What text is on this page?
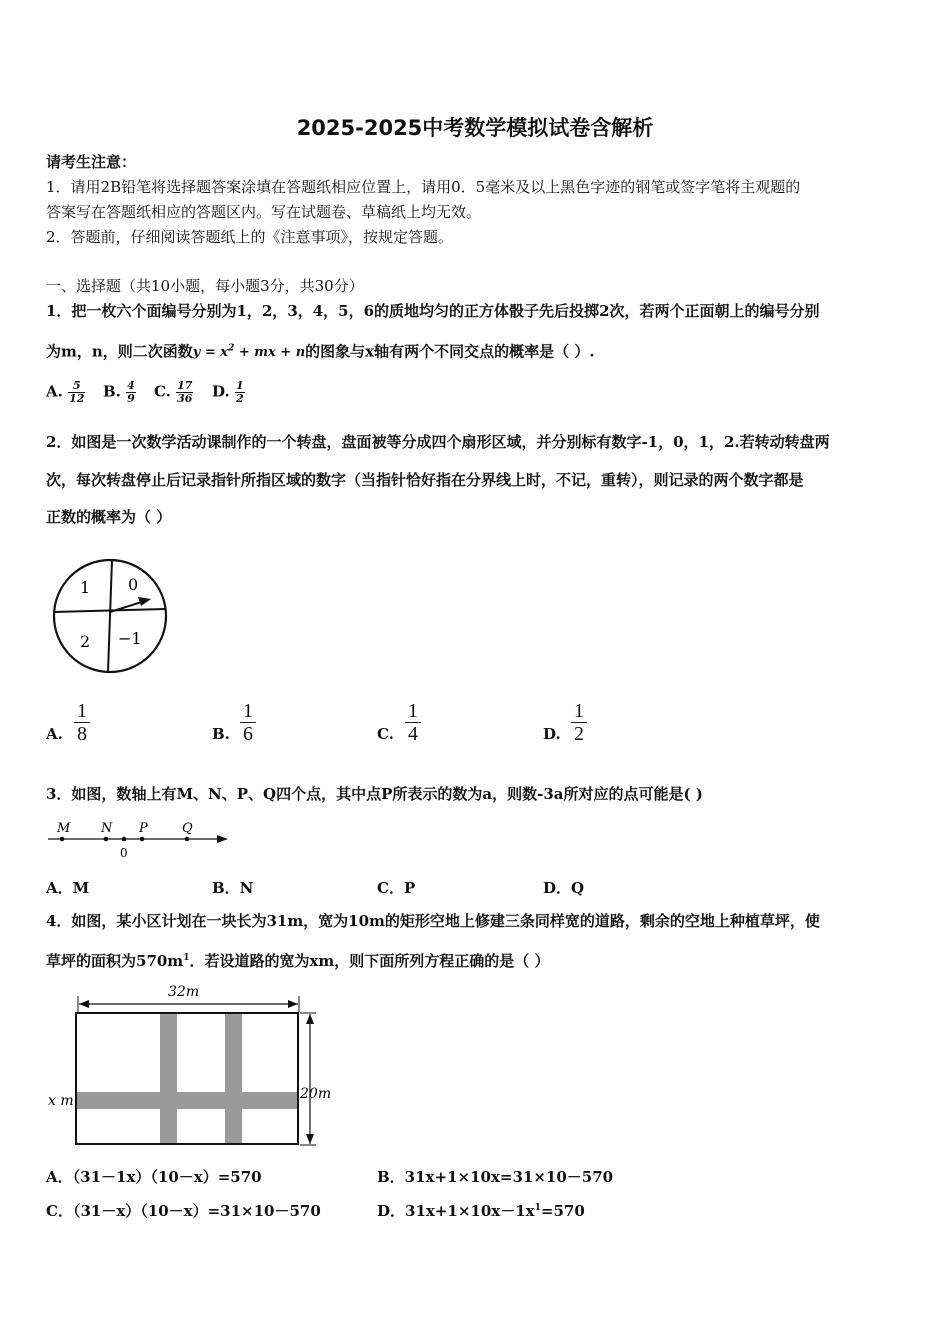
2025-2025中考数学模拟试卷含解析
请考生注意：
1．请用2B铅笔将选择题答案涂填在答题纸相应位置上，请用0．5毫米及以上黑色字迹的钢笔或签字笔将主观题的
答案写在答题纸相应的答题区内。写在试题卷、草稿纸上均无效。
2．答题前，仔细阅读答题纸上的《注意事项》，按规定答题。
一、选择题（共10小题，每小题3分，共30分）
1．把一枚六个面编号分别为1，2，3，4，5，6的质地均匀的正方体骰子先后投掷2次，若两个正面朝上的编号分别
为m，n，则二次函数$y = x^2$ + mx + n的图象与x轴有两个不同交点的概率是（ ）.
A. $\frac{5}{12} B$. $\frac{4}{9} C$. $\frac{17}{36} D$. $\frac{1}{2}$
2．如图是一次数学活动课制作的一个转盘，盘面被等分成四个扇形区域，并分别标有数字-1，0，1，2.若转动转盘两
次，每次转盘停止后记录指针所指区域的数字（当指针恰好指在分界线上时，不记，重转），则记录的两个数字都是
正数的概率为（ ）
1 0
2 −1
A.
1
8	B.
1
6	C.
1
4	D.
1
2
3．如图，数轴上有M、N、P、Q四个点，其中点P所表示的数为a，则数-3a所对应的点可能是( )
M N P	Q
0
A．M	B．N	C．P	D．Q
4．如图，某小区计划在一块长为31m，宽为10m的矩形空地上修建三条同样宽的道路，剩余的空地上种植草坪，使
草坪的面积为$570m^1$．若设道路的宽为xm，则下面所列方程正确的是（ ）
32m
20m
x m
A．（31－1x）（10－x）=570	B．31x+1×10x=31×10－570
C．（31－x）（10－x）=31×10－570	D．$31x+1\times 10x-1x^1=570$
